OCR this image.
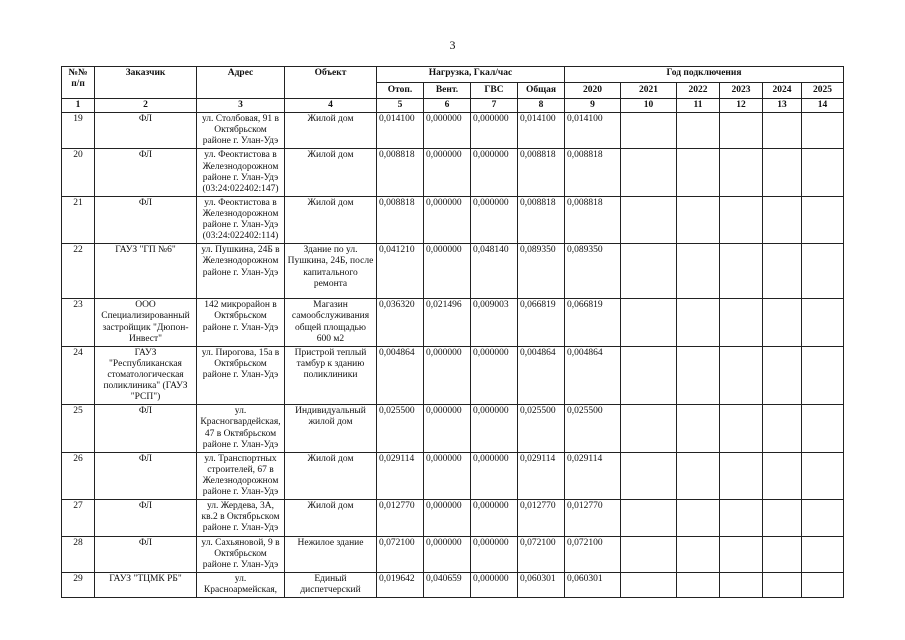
3
№№ п/п	Заказчик	Адрес	Объект	Нагрузка, Гкал/час				Год подключения					
				Отоп.	Вент.	ГВС	Общая	2020	2021	2022	2023	2024	2025
1	2	3	4	5	6	7	8	9	10	11	12	13	14
19	ФЛ	ул. Столбовая, 91 в Октябрьском районе г. Улан-Удэ	Жилой дом	0,014100	0,000000	0,000000	0,014100	0,014100					
20	ФЛ	ул. Феоктистова в Железнодорожном районе г. Улан-Удэ (03:24:022402:147)	Жилой дом	0,008818	0,000000	0,000000	0,008818	0,008818					
21	ФЛ	ул. Феоктистова в Железнодорожном районе г. Улан-Удэ (03:24:022402:114)	Жилой дом	0,008818	0,000000	0,000000	0,008818	0,008818					
22	ГАУЗ "ГП №6"	ул. Пушкина, 24Б в Железнодорожном районе г. Улан-Удэ	Здание по ул. Пушкина, 24Б, после капитального ремонта	0,041210	0,000000	0,048140	0,089350	0,089350					
23	ООО Специализированный застройщик "Дюпон-Инвест"	142 микрорайон в Октябрьском районе г. Улан-Удэ	Магазин самообслуживания общей площадью 600 м2	0,036320	0,021496	0,009003	0,066819	0,066819					
24	ГАУЗ "Республиканская стоматологическая поликлиника" (ГАУЗ "РСП")	ул. Пирогова, 15а в Октябрьском районе г. Улан-Удэ	Пристрой теплый тамбур к зданию поликлиники	0,004864	0,000000	0,000000	0,004864	0,004864					
25	ФЛ	ул. Красногвардейская, 47 в Октябрьском районе г. Улан-Удэ	Индивидуальный жилой дом	0,025500	0,000000	0,000000	0,025500	0,025500					
26	ФЛ	ул. Транспортных строителей, 67 в Железнодорожном районе г. Улан-Удэ	Жилой дом	0,029114	0,000000	0,000000	0,029114	0,029114					
27	ФЛ	ул. Жердева, 3А, кв.2 в Октябрьском районе г. Улан-Удэ	Жилой дом	0,012770	0,000000	0,000000	0,012770	0,012770					
28	ФЛ	ул. Сахьяновой, 9 в Октябрьском районе г. Улан-Удэ	Нежилое здание	0,072100	0,000000	0,000000	0,072100	0,072100					
29	ГАУЗ "ТЦМК РБ"	ул. Красноармейская,	Единый диспетчерский	0,019642	0,040659	0,000000	0,060301	0,060301					
